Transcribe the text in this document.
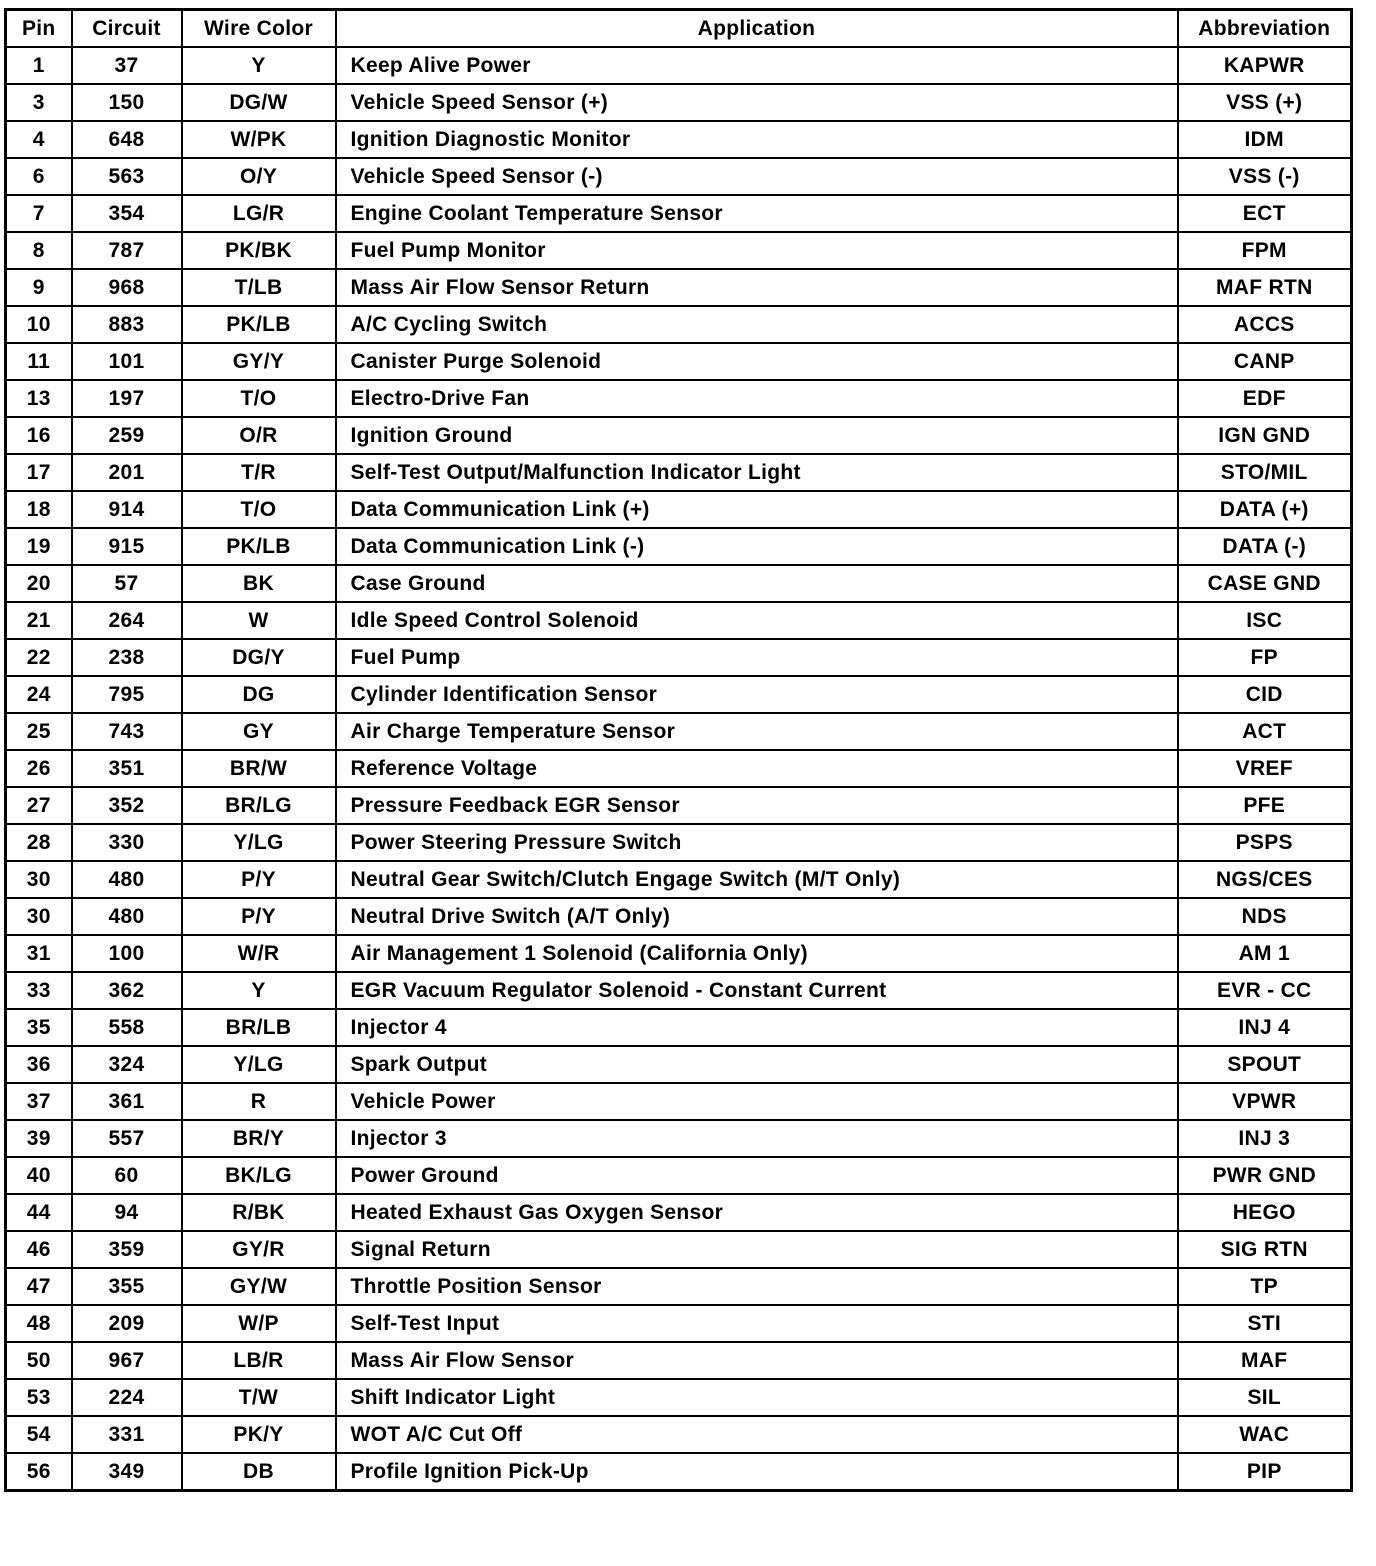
Pin	Circuit	Wire Color	Application	Abbreviation
1	37	Y	Keep Alive Power	KAPWR
3	150	DG/W	Vehicle Speed Sensor (+)	VSS (+)
4	648	W/PK	Ignition Diagnostic Monitor	IDM
6	563	O/Y	Vehicle Speed Sensor (-)	VSS (-)
7	354	LG/R	Engine Coolant Temperature Sensor	ECT
8	787	PK/BK	Fuel Pump Monitor	FPM
9	968	T/LB	Mass Air Flow Sensor Return	MAF RTN
10	883	PK/LB	A/C Cycling Switch	ACCS
11	101	GY/Y	Canister Purge Solenoid	CANP
13	197	T/O	Electro-Drive Fan	EDF
16	259	O/R	Ignition Ground	IGN GND
17	201	T/R	Self-Test Output/Malfunction Indicator Light	STO/MIL
18	914	T/O	Data Communication Link (+)	DATA (+)
19	915	PK/LB	Data Communication Link (-)	DATA (-)
20	57	BK	Case Ground	CASE GND
21	264	W	Idle Speed Control Solenoid	ISC
22	238	DG/Y	Fuel Pump	FP
24	795	DG	Cylinder Identification Sensor	CID
25	743	GY	Air Charge Temperature Sensor	ACT
26	351	BR/W	Reference Voltage	VREF
27	352	BR/LG	Pressure Feedback EGR Sensor	PFE
28	330	Y/LG	Power Steering Pressure Switch	PSPS
30	480	P/Y	Neutral Gear Switch/Clutch Engage Switch (M/T Only)	NGS/CES
30	480	P/Y	Neutral Drive Switch (A/T Only)	NDS
31	100	W/R	Air Management 1 Solenoid (California Only)	AM 1
33	362	Y	EGR Vacuum Regulator Solenoid - Constant Current	EVR - CC
35	558	BR/LB	Injector 4	INJ 4
36	324	Y/LG	Spark Output	SPOUT
37	361	R	Vehicle Power	VPWR
39	557	BR/Y	Injector 3	INJ 3
40	60	BK/LG	Power Ground	PWR GND
44	94	R/BK	Heated Exhaust Gas Oxygen Sensor	HEGO
46	359	GY/R	Signal Return	SIG RTN
47	355	GY/W	Throttle Position Sensor	TP
48	209	W/P	Self-Test Input	STI
50	967	LB/R	Mass Air Flow Sensor	MAF
53	224	T/W	Shift Indicator Light	SIL
54	331	PK/Y	WOT A/C Cut Off	WAC
56	349	DB	Profile Ignition Pick-Up	PIP
